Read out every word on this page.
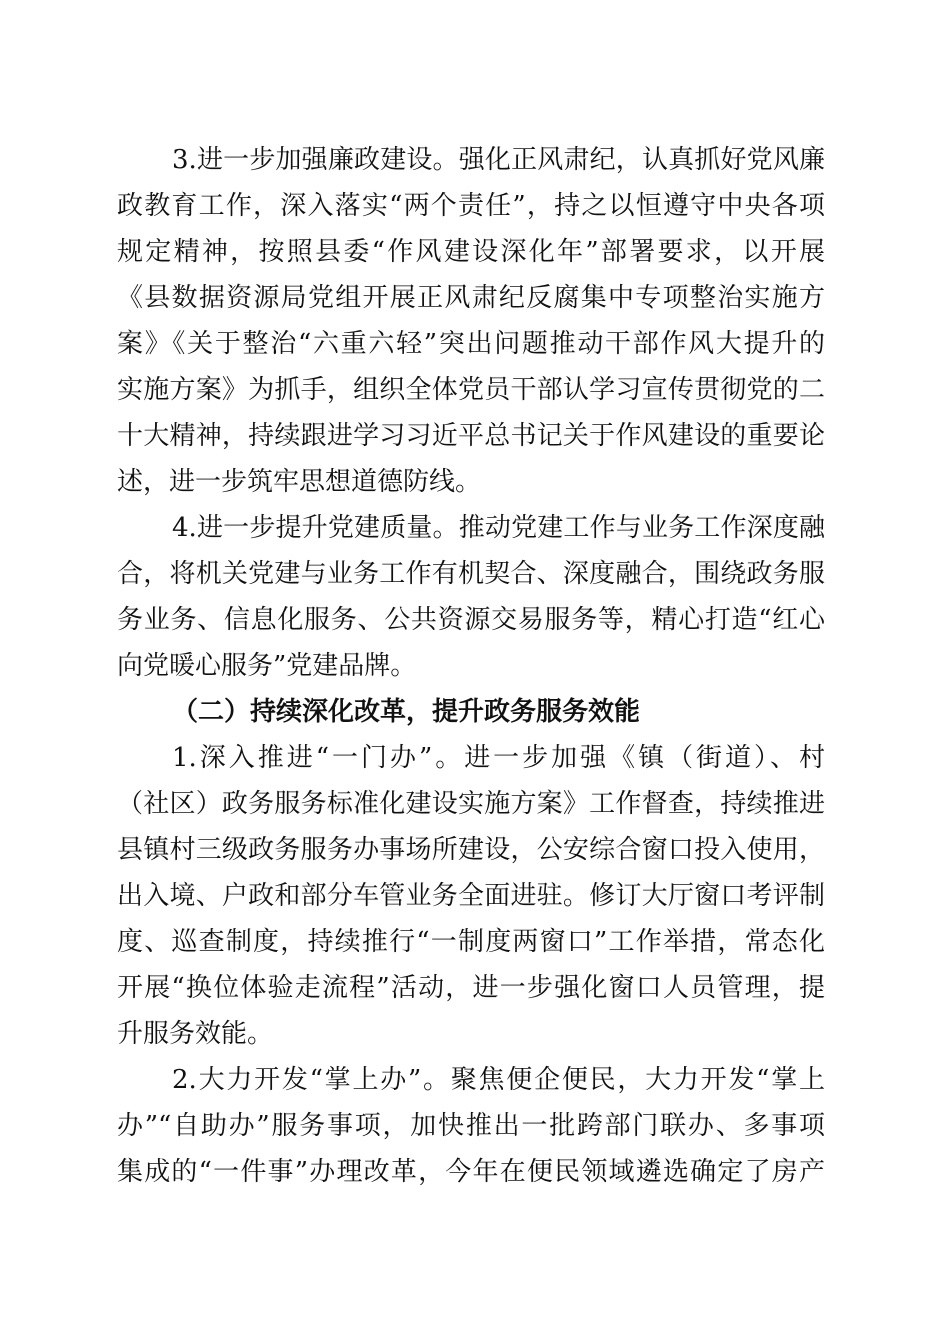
3.进一步加强廉政建设。强化正风肃纪，认真抓好党风廉
政教育工作，深入落实“两个责任”，持之以恒遵守中央各项
规定精神，按照县委“作风建设深化年”部署要求，以开展
《县数据资源局党组开展正风肃纪反腐集中专项整治实施方
案》《关于整治“六重六轻”突出问题推动干部作风大提升的
实施方案》为抓手，组织全体党员干部认学习宣传贯彻党的二
十大精神，持续跟进学习习近平总书记关于作风建设的重要论
述，进一步筑牢思想道德防线。
4.进一步提升党建质量。推动党建工作与业务工作深度融
合，将机关党建与业务工作有机契合、深度融合，围绕政务服
务业务、信息化服务、公共资源交易服务等，精心打造“红心
向党暖心服务”党建品牌。
（二）持续深化改革，提升政务服务效能
1.深入推进“一门办”。进一步加强《镇（街道）、村
（社区）政务服务标准化建设实施方案》工作督查，持续推进
县镇村三级政务服务办事场所建设，公安综合窗口投入使用，
出入境、户政和部分车管业务全面进驻。修订大厅窗口考评制
度、巡查制度，持续推行“一制度两窗口”工作举措，常态化
开展“换位体验走流程”活动，进一步强化窗口人员管理，提
升服务效能。
2.大力开发“掌上办”。聚焦便企便民，大力开发“掌上
办”“自助办”服务事项，加快推出一批跨部门联办、多事项
集成的“一件事”办理改革，今年在便民领域遴选确定了房产
